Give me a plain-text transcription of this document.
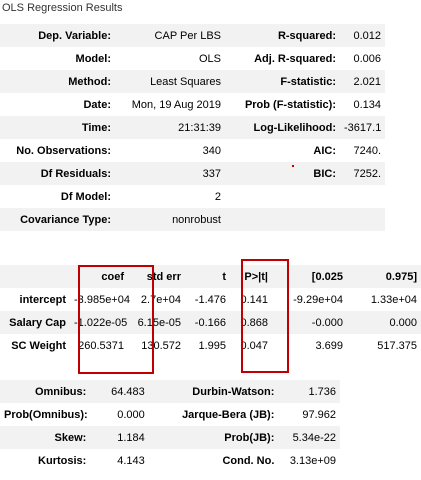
OLS Regression Results
Dep. Variable:	CAP Per LBS	R-squared:	0.012
Model:	OLS	Adj. R-squared:	0.006
Method:	Least Squares	F-statistic:	2.021
Date:	Mon, 19 Aug 2019	Prob (F-statistic):	0.134
Time:	21:31:39	Log-Likelihood:	-3617.1
No. Observations:	340	AIC:	7240.
Df Residuals:	337	BIC:	7252.
Df Model:	2		
Covariance Type:	nonrobust		
	coef	std err	t	P>|t|	[0.025	0.975]
intercept	-3.985e+04	2.7e+04	-1.476	0.141	-9.29e+04	1.33e+04
Salary Cap	-1.022e-05	6.15e-05	-0.166	0.868	-0.000	0.000
SC Weight	260.5371	130.572	1.995	0.047	3.699	517.375
Omnibus:	64.483	Durbin-Watson:	1.736
Prob(Omnibus):	0.000	Jarque-Bera (JB):	97.962
Skew:	1.184	Prob(JB):	5.34e-22
Kurtosis:	4.143	Cond. No.	3.13e+09
